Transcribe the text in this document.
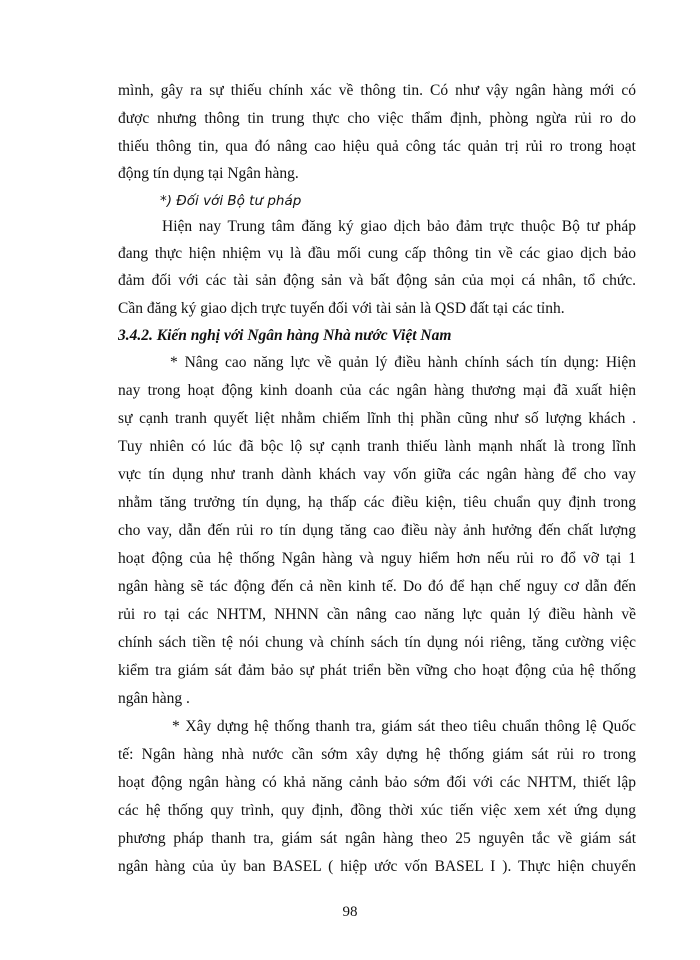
mình, gây ra sự thiếu chính xác về thông tin. Có như vậy ngân hàng mới có
được nhưng thông tin trung thực cho việc thẩm định, phòng ngừa rủi ro do
thiếu thông tin, qua đó nâng cao hiệu quả công tác quản trị rủi ro trong hoạt
động tín dụng tại Ngân hàng.
*) Đối với Bộ tư pháp
Hiện nay Trung tâm đăng ký giao dịch bảo đảm trực thuộc Bộ tư pháp
đang thực hiện nhiệm vụ là đầu mối cung cấp thông tin về các giao dịch bảo
đảm đối với các tài sản động sản và bất động sản của mọi cá nhân, tổ chức.
Cần đăng ký giao dịch trực tuyến đối với tài sản là QSD đất tại các tỉnh.
3.4.2. Kiến nghị với Ngân hàng Nhà nước Việt Nam
* Nâng cao năng lực về quản lý điều hành chính sách tín dụng: Hiện
nay trong hoạt động kinh doanh của các ngân hàng thương mại đã xuất hiện
sự cạnh tranh quyết liệt nhằm chiếm lĩnh thị phần cũng như số lượng khách .
Tuy nhiên có lúc đã bộc lộ sự cạnh tranh thiếu lành mạnh nhất là trong lĩnh
vực tín dụng như tranh dành khách vay vốn giữa các ngân hàng để cho vay
nhằm tăng trưởng tín dụng, hạ thấp các điều kiện, tiêu chuẩn quy định trong
cho vay, dẫn đến rủi ro tín dụng tăng cao điều này ảnh hưởng đến chất lượng
hoạt động của hệ thống Ngân hàng và nguy hiểm hơn nếu rủi ro đổ vỡ tại 1
ngân hàng sẽ tác động đến cả nền kinh tế. Do đó để hạn chế nguy cơ dẫn đến
rủi ro tại các NHTM, NHNN cần nâng cao năng lực quản lý điều hành về
chính sách tiền tệ nói chung và chính sách tín dụng nói riêng, tăng cường việc
kiểm tra giám sát đảm bảo sự phát triển bền vững cho hoạt động của hệ thống
ngân hàng .
* Xây dựng hệ thống thanh tra, giám sát theo tiêu chuẩn thông lệ Quốc
tế: Ngân hàng nhà nước cần sớm xây dựng hệ thống giám sát rủi ro trong
hoạt động ngân hàng có khả năng cảnh bảo sớm đối với các NHTM, thiết lập
các hệ thống quy trình, quy định, đồng thời xúc tiến việc xem xét ứng dụng
phương pháp thanh tra, giám sát ngân hàng theo 25 nguyên tắc về giám sát
ngân hàng của ủy ban BASEL ( hiệp ước vốn BASEL I ). Thực hiện chuyển
98
